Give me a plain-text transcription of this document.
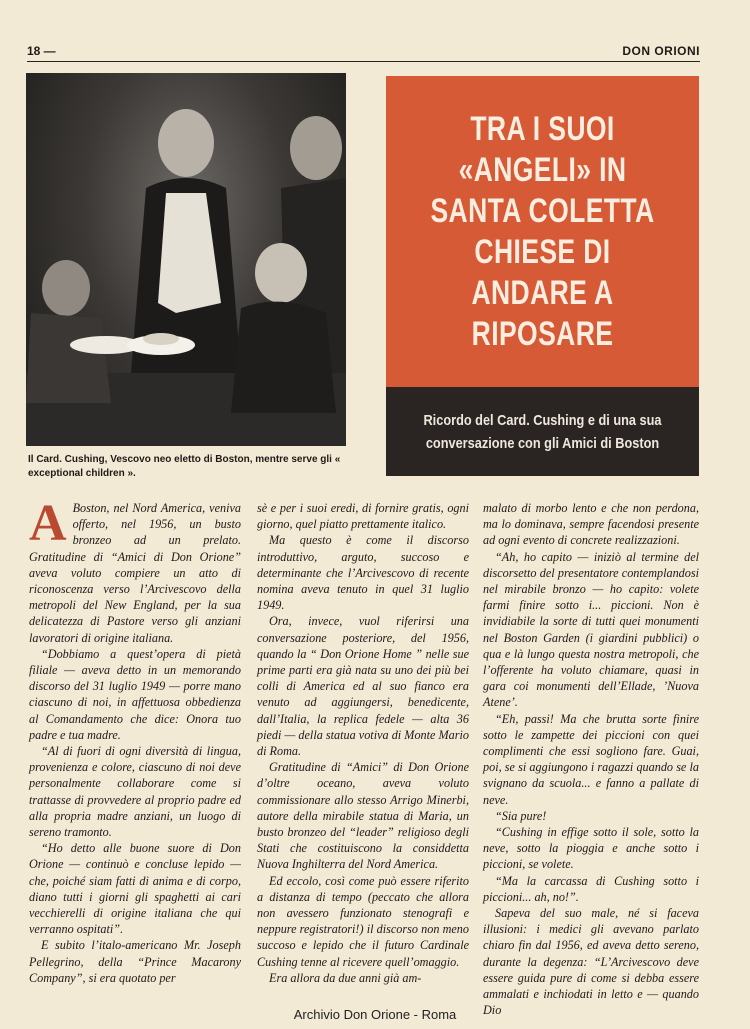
18 —	DON ORIONI
Il Card. Cushing, Vescovo neo eletto di Boston, mentre serve gli « exceptional children ».
TRA I SUOI «ANGELI» IN SANTA COLETTA CHIESE DI ANDARE A RIPOSARE

Ricordo del Card. Cushing e di una sua conversazione con gli Amici di Boston

A Boston, nel Nord America, veniva offerto, nel 1956, un busto bronzeo ad un prelato. Gratitudine di “Amici di Don Orione” aveva voluto compiere un atto di riconoscenza verso l’Arcivescovo della metropoli del New England, per la sua delicatezza di Pastore verso gli anziani lavoratori di origine italiana.

“Dobbiamo a quest’opera di pietà filiale — aveva detto in un memorando discorso del 31 luglio 1949 — porre mano ciascuno di noi, in affettuosa obbedienza al Comandamento che dice: Onora tuo padre e tua madre.

“Al di fuori di ogni diversità di lingua, provenienza e colore, ciascuno di noi deve personalmente collaborare come si trattasse di provvedere al proprio padre ed alla propria madre anziani, un luogo di sereno tramonto.

“Ho detto alle buone suore di Don Orione — continuò e concluse lepido — che, poiché siam fatti di anima e di corpo, diano tutti i giorni gli spaghetti ai cari vecchierelli di origine italiana che qui verranno ospitati”.

E subito l’italo-americano Mr. Joseph Pellegrino, della “Prince Macarony Company”, si era quotato per

sè e per i suoi eredi, di fornire gratis, ogni giorno, quel piatto prettamente italico.

Ma questo è come il discorso introduttivo, arguto, succoso e determinante che l’Arcivescovo di recente nomina aveva tenuto in quel 31 luglio 1949.

Ora, invece, vuol riferirsi una conversazione posteriore, del 1956, quando la “ Don Orione Home ” nelle sue prime parti era già nata su uno dei più bei colli di America ed al suo fianco era venuto ad aggiungersi, benedicente, dall’Italia, la replica fedele — alta 36 piedi — della statua votiva di Monte Mario di Roma.

Gratitudine di “Amici” di Don Orione d’oltre oceano, aveva voluto commissionare allo stesso Arrigo Minerbi, autore della mirabile statua di Maria, un busto bronzeo del “leader” religioso degli Stati che costituiscono la considdetta Nuova Inghilterra del Nord America.

Ed eccolo, così come può essere riferito a distanza di tempo (peccato che allora non avessero funzionato stenografi e neppure registratori!) il discorso non meno succoso e lepido che il futuro Cardinale Cushing tenne al ricevere quell’omaggio.

Era allora da due anni già am-

malato di morbo lento e che non perdona, ma lo dominava, sempre facendosi presente ad ogni evento di concrete realizzazioni.

“Ah, ho capito — iniziò al termine del discorsetto del presentatore contemplandosi nel mirabile bronzo — ho capito: volete farmi finire sotto i... piccioni. Non è invidiabile la sorte di tutti quei monumenti nel Boston Garden (i giardini pubblici) o qua e là lungo questa nostra metropoli, che l’offerente ha voluto chiamare, quasi in gara coi monumenti dell’Ellade, ’Nuova Atene’.

“Eh, passi! Ma che brutta sorte finire sotto le zampette dei piccioni con quei complimenti che essi sogliono fare. Guai, poi, se si aggiungono i ragazzi quando se la svignano da scuola... e fanno a pallate di neve.

“Sia pure!

“Cushing in effige sotto il sole, sotto la neve, sotto la pioggia e anche sotto i piccioni, se volete.

“Ma la carcassa di Cushing sotto i piccioni... ah, no!”.

Sapeva del suo male, né si faceva illusioni: i medici gli avevano parlato chiaro fin dal 1956, ed aveva detto sereno, durante la degenza: “L’Arcivescovo deve essere guida pure di come si debba essere ammalati e inchiodati in letto e — quando Dio

Archivio Don Orione - Roma
